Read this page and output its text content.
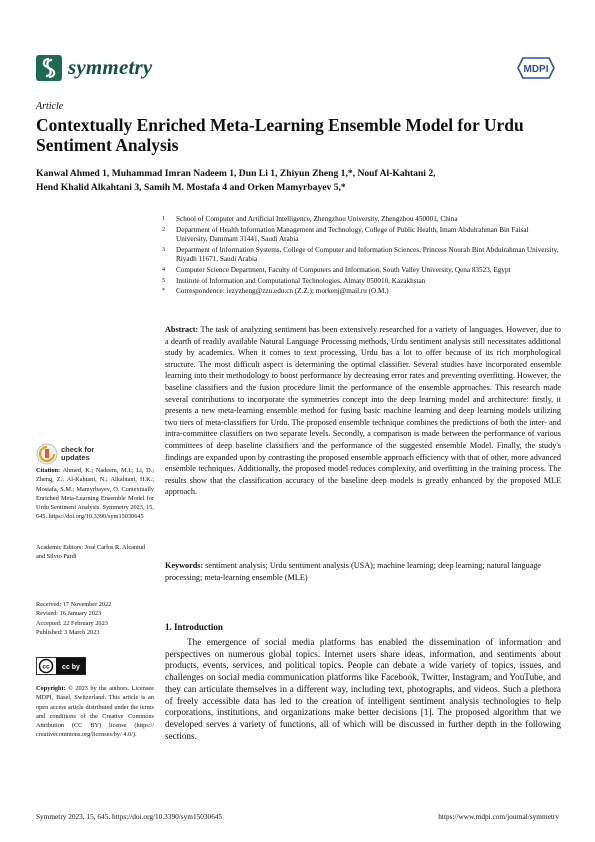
symmetry	MDPI
Article
Contextually Enriched Meta-Learning Ensemble Model for Urdu Sentiment Analysis
Kanwal Ahmed 1, Muhammad Imran Nadeem 1, Dun Li 1, Zhiyun Zheng 1,*, Nouf Al-Kahtani 2,
Hend Khalid Alkahtani 3, Samih M. Mostafa 4 and Orken Mamyrbayev 5,*
1	School of Computer and Artificial Intelligence, Zhengzhou University, Zhengzhou 450001, China
2	Department of Health Information Management and Technology, College of Public Health, Imam Abdulrahman Bin Faisal University, Dammam 31441, Saudi Arabia
3	Department of Information Systems, College of Computer and Information Sciences, Princess Nourah Bint Abdulrahman University, Riyadh 11671, Saudi Arabia
4	Computer Science Department, Faculty of Computers and Information, South Valley University, Qena 83523, Egypt
5	Institute of Information and Computational Technologies, Almaty 050010, Kazakhstan
*	Correspondence: iezyzheng@zzu.edu.cn (Z.Z.); morkenj@mail.ru (O.M.)
Abstract: The task of analyzing sentiment has been extensively researched for a variety of languages. However, due to a dearth of readily available Natural Language Processing methods, Urdu sentiment analysis still necessitates additional study by academics. When it comes to text processing, Urdu has a lot to offer because of its rich morphological structure. The most difficult aspect is determining the optimal classifier. Several studies have incorporated ensemble learning into their methodology to boost performance by decreasing error rates and preventing overfitting. However, the baseline classifiers and the fusion procedure limit the performance of the ensemble approaches. This research made several contributions to incorporate the symmetries concept into the deep learning model and architecture: firstly, it presents a new meta-learning ensemble method for fusing basic machine learning and deep learning models utilizing two tiers of meta-classifiers for Urdu. The proposed ensemble technique combines the predictions of both the inter- and intra-committee classifiers on two separate levels. Secondly, a comparison is made between the performance of various committees of deep baseline classifiers and the performance of the suggested ensemble Model. Finally, the study's findings are expanded upon by contrasting the proposed ensemble approach efficiency with that of other, more advanced ensemble techniques. Additionally, the proposed model reduces complexity, and overfitting in the training process. The results show that the classification accuracy of the baseline deep models is greatly enhanced by the proposed MLE approach.
Keywords: sentiment analysis; Urdu sentiment analysis (USA); machine learning; deep learning; natural language processing; meta-learning ensemble (MLE)
check for
updates
Citation: Ahmed, K.; Nadeem, M.I.; Li, D.; Zheng, Z.; Al-Kahtani, N.; Alkahtani, H.K.; Mostafa, S.M.; Mamyrbayev, O. Contextually Enriched Meta-Learning Ensemble Model for Urdu Sentiment Analysis. Symmetry 2023, 15, 645. https://doi.org/10.3390/sym15030645
Academic Editors: José Carlos R. Alcantud and Silvio Pardi
Received: 17 November 2022
Revised: 16 January 2023
Accepted: 22 February 2023
Published: 3 March 2023
cc cc by
Copyright: © 2023 by the authors. Licensee MDPI, Basel, Switzerland. This article is an open access article distributed under the terms and conditions of the Creative Commons Attribution (CC BY) license (https:// creativecommons.org/licenses/by/ 4.0/).
1. Introduction
The emergence of social media platforms has enabled the dissemination of information and perspectives on numerous global topics. Internet users share ideas, information, and sentiments about products, events, services, and political topics. People can debate a wide variety of topics, issues, and challenges on social media communication platforms like Facebook, Twitter, Instagram, and YouTube, and they can articulate themselves in a different way, including text, photographs, and videos. Such a plethora of freely accessible data has led to the creation of intelligent sentiment analysis technologies to help corporations, institutions, and organizations make better decisions [1]. The proposed algorithm that we developed serves a variety of functions, all of which will be discussed in further depth in the following sections.
Symmetry 2023, 15, 645. https://doi.org/10.3390/sym15030645	https://www.mdpi.com/journal/symmetry
